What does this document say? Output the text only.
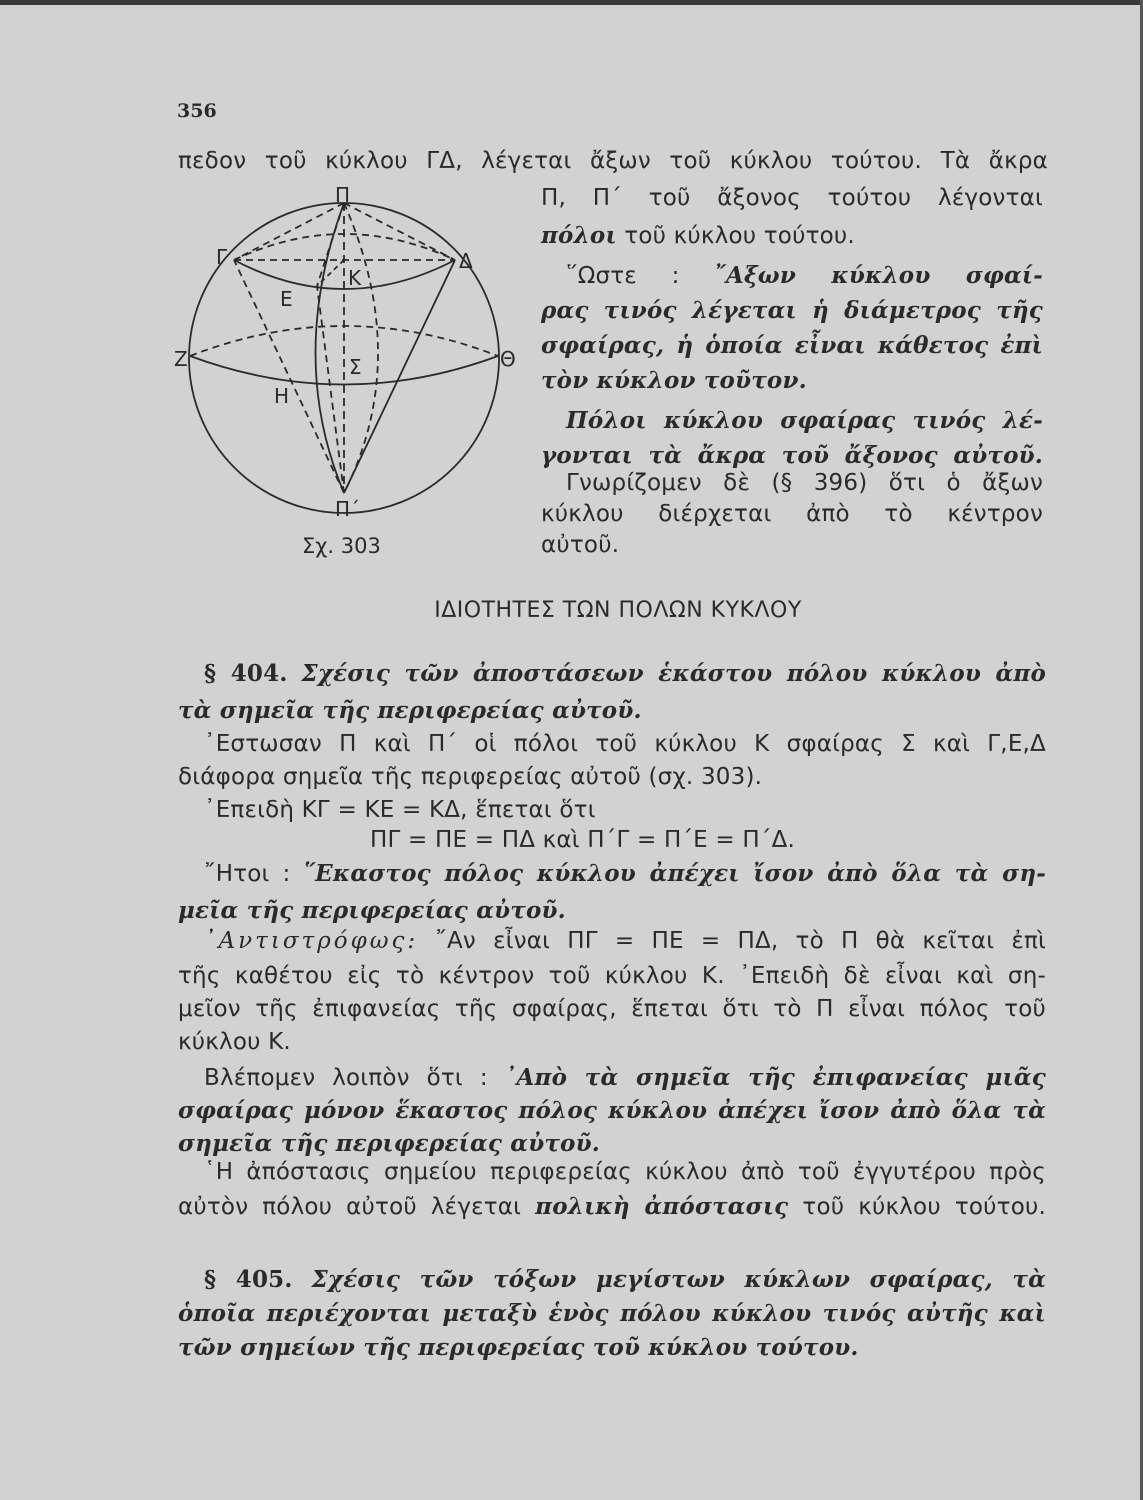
356
πεδον τοῦ κύκλου ΓΔ, λέγεται ἄξων τοῦ κύκλου τούτου. Τὰ ἄκρα
Π, Π΄ τοῦ ἄξονος τούτου λέγονται
πόλοι τοῦ κύκλου τούτου.
῞Ωστε : ῎Αξων κύκλου σφαί-
ρας τινός λέγεται ἡ διάμετρος τῆς
σφαίρας, ἡ ὁποία εἶναι κάθετος ἐπὶ
τὸν κύκλον τοῦτον.
Πόλοι κύκλου σφαίρας τινός λέ-
γονται τὰ ἄκρα τοῦ ἄξονος αὐτοῦ.
Γνωρίζομεν δὲ (§ 396) ὅτι ὁ ἄξων
κύκλου διέρχεται ἀπὸ τὸ κέντρον
αὐτοῦ.
Π
Π΄
Γ	Δ
Κ
Ε
Ζ	Θ
Σ
Η
Σχ. 303
ΙΔΙΟΤΗΤΕΣ ΤΩΝ ΠΟΛΩΝ ΚΥΚΛΟΥ
§ 404. Σχέσις τῶν ἀποστάσεων ἑκάστου πόλου κύκλου ἀπὸ
τὰ σημεῖα τῆς περιφερείας αὐτοῦ.
᾿Εστωσαν Π καὶ Π΄ οἱ πόλοι τοῦ κύκλου Κ σφαίρας Σ καὶ Γ,Ε,Δ
διάφορα σημεῖα τῆς περιφερείας αὐτοῦ (σχ. 303).
᾿Επειδὴ ΚΓ = ΚΕ = ΚΔ, ἕπεται ὅτι
ΠΓ = ΠΕ = ΠΔ καὶ Π΄Γ = Π΄Ε = Π΄Δ.
῎Ητοι : ῞Εκαστος πόλος κύκλου ἀπέχει ἴσον ἀπὸ ὅλα τὰ ση-
μεῖα τῆς περιφερείας αὐτοῦ.
᾿Αντιστρόφως: ῎Αν εἶναι ΠΓ = ΠΕ = ΠΔ, τὸ Π θὰ κεῖται ἐπὶ
τῆς καθέτου εἰς τὸ κέντρον τοῦ κύκλου Κ. ᾿Επειδὴ δὲ εἶναι καὶ ση-
μεῖον τῆς ἐπιφανείας τῆς σφαίρας, ἕπεται ὅτι τὸ Π εἶναι πόλος τοῦ
κύκλου Κ.
Βλέπομεν λοιπὸν ὅτι : ᾿Απὸ τὰ σημεῖα τῆς ἐπιφανείας μιᾶς
σφαίρας μόνον ἕκαστος πόλος κύκλου ἀπέχει ἴσον ἀπὸ ὅλα τὰ
σημεῖα τῆς περιφερείας αὐτοῦ.
῾Η ἀπόστασις σημείου περιφερείας κύκλου ἀπὸ τοῦ ἐγγυτέρου πρὸς
αὐτὸν πόλου αὐτοῦ λέγεται πολικὴ ἀπόστασις τοῦ κύκλου τούτου.
§ 405. Σχέσις τῶν τόξων μεγίστων κύκλων σφαίρας, τὰ
ὁποῖα περιέχονται μεταξὺ ἑνὸς πόλου κύκλου τινός αὐτῆς καὶ
τῶν σημείων τῆς περιφερείας τοῦ κύκλου τούτου.
